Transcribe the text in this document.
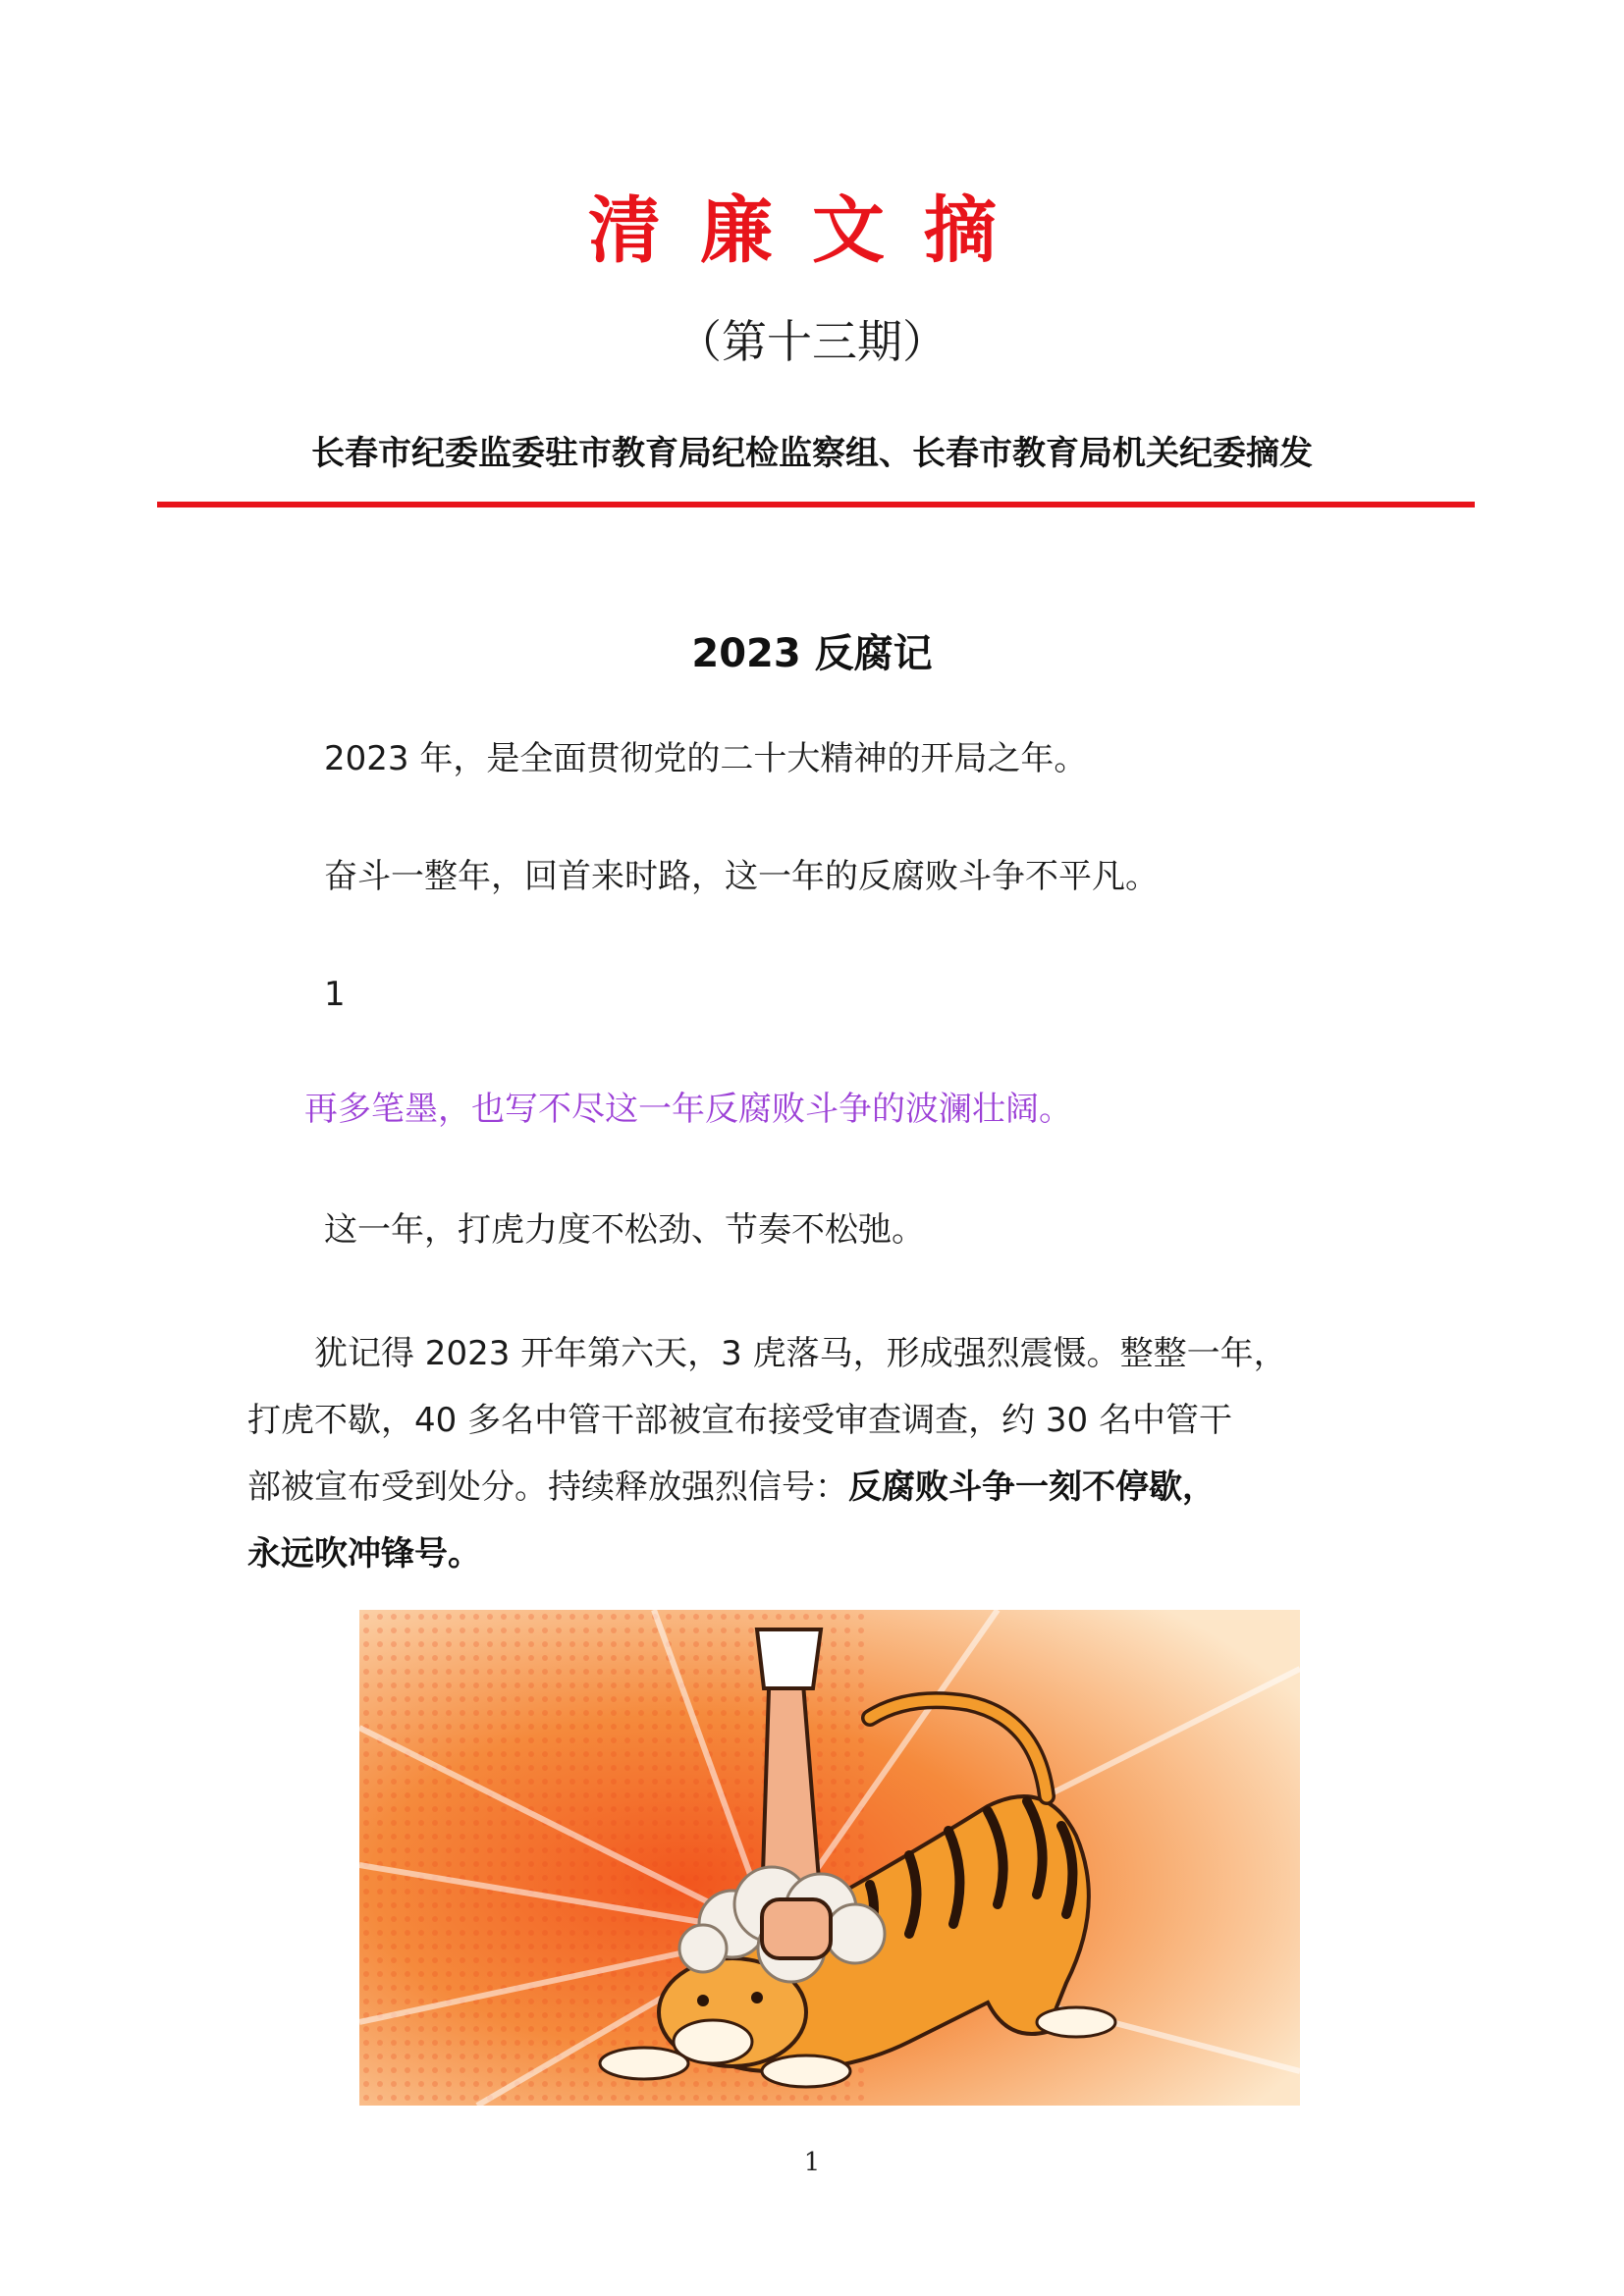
清廉文摘
（第十三期）
长春市纪委监委驻市教育局纪检监察组、长春市教育局机关纪委摘发
2023 反腐记
2023 年，是全面贯彻党的二十大精神的开局之年。
奋斗一整年，回首来时路，这一年的反腐败斗争不平凡。
1
再多笔墨，也写不尽这一年反腐败斗争的波澜壮阔。
这一年，打虎力度不松劲、节奏不松弛。
犹记得 2023 开年第六天，3 虎落马，形成强烈震慑。整整一年，
打虎不歇，40 多名中管干部被宣布接受审查调查，约 30 名中管干
部被宣布受到处分。持续释放强烈信号：反腐败斗争一刻不停歇，
永远吹冲锋号。
1
